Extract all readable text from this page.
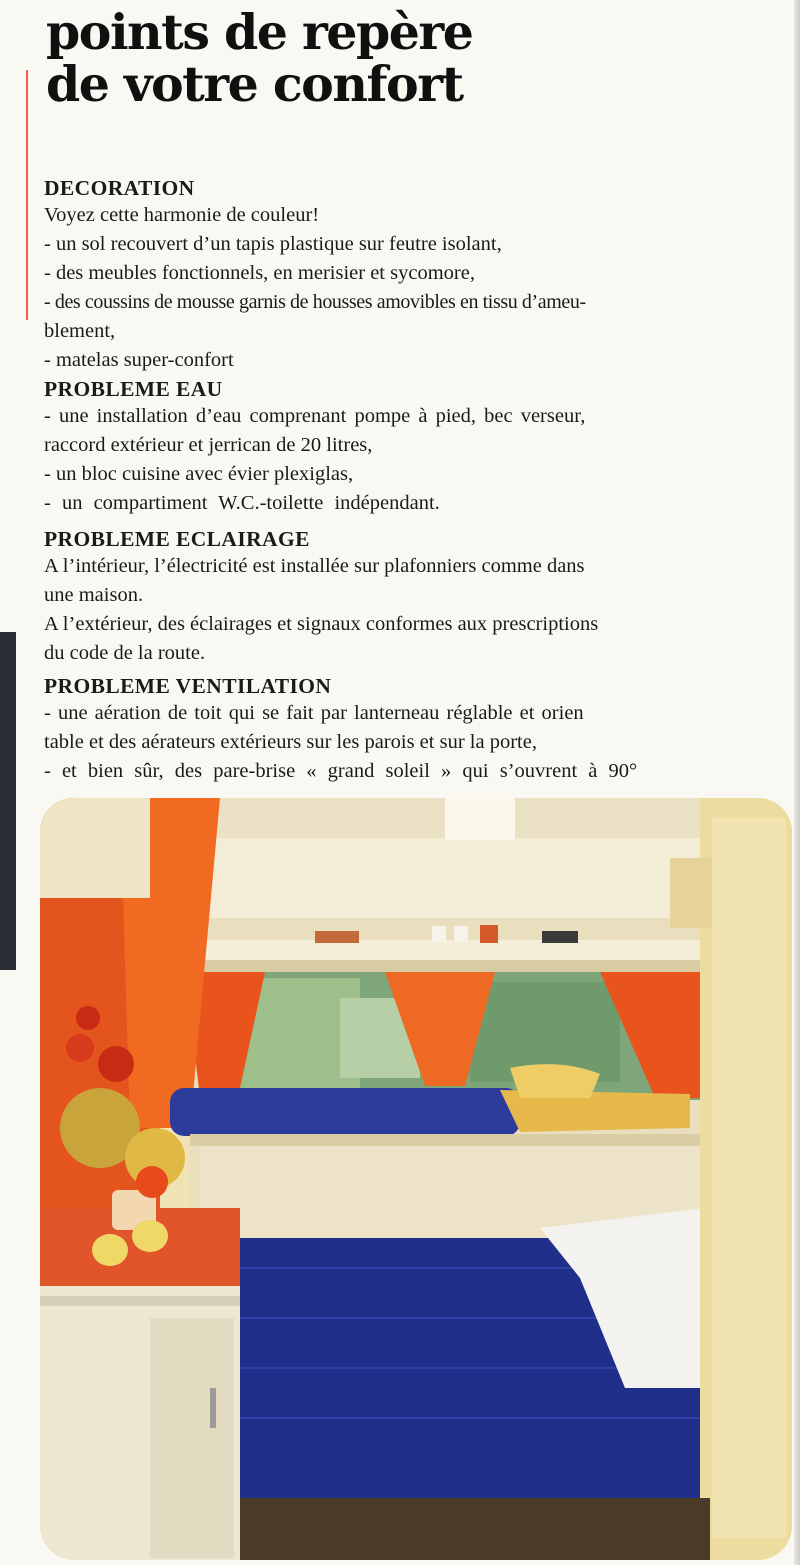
points de repère
de votre confort

DECORATION

Voyez cette harmonie de couleur!

- un sol recouvert d’un tapis plastique sur feutre isolant,

- des meubles fonctionnels, en merisier et sycomore,

- des coussins de mousse garnis de housses amovibles en tissu d’ameu-

blement,

- matelas super-confort

PROBLEME EAU

- une installation d’eau comprenant pompe à pied, bec verseur,

raccord extérieur et jerrican de 20 litres,

- un bloc cuisine avec évier plexiglas,

- un compartiment W.C.-toilette indépendant.

PROBLEME ECLAIRAGE

A l’intérieur, l’électricité est installée sur plafonniers comme dans

une maison.

A l’extérieur, des éclairages et signaux conformes aux prescriptions

du code de la route.

PROBLEME VENTILATION

- une aération de toit qui se fait par lanterneau réglable et orien

table et des aérateurs extérieurs sur les parois et sur la porte,

- et bien sûr, des pare-brise « grand soleil » qui s’ouvrent à 90°
